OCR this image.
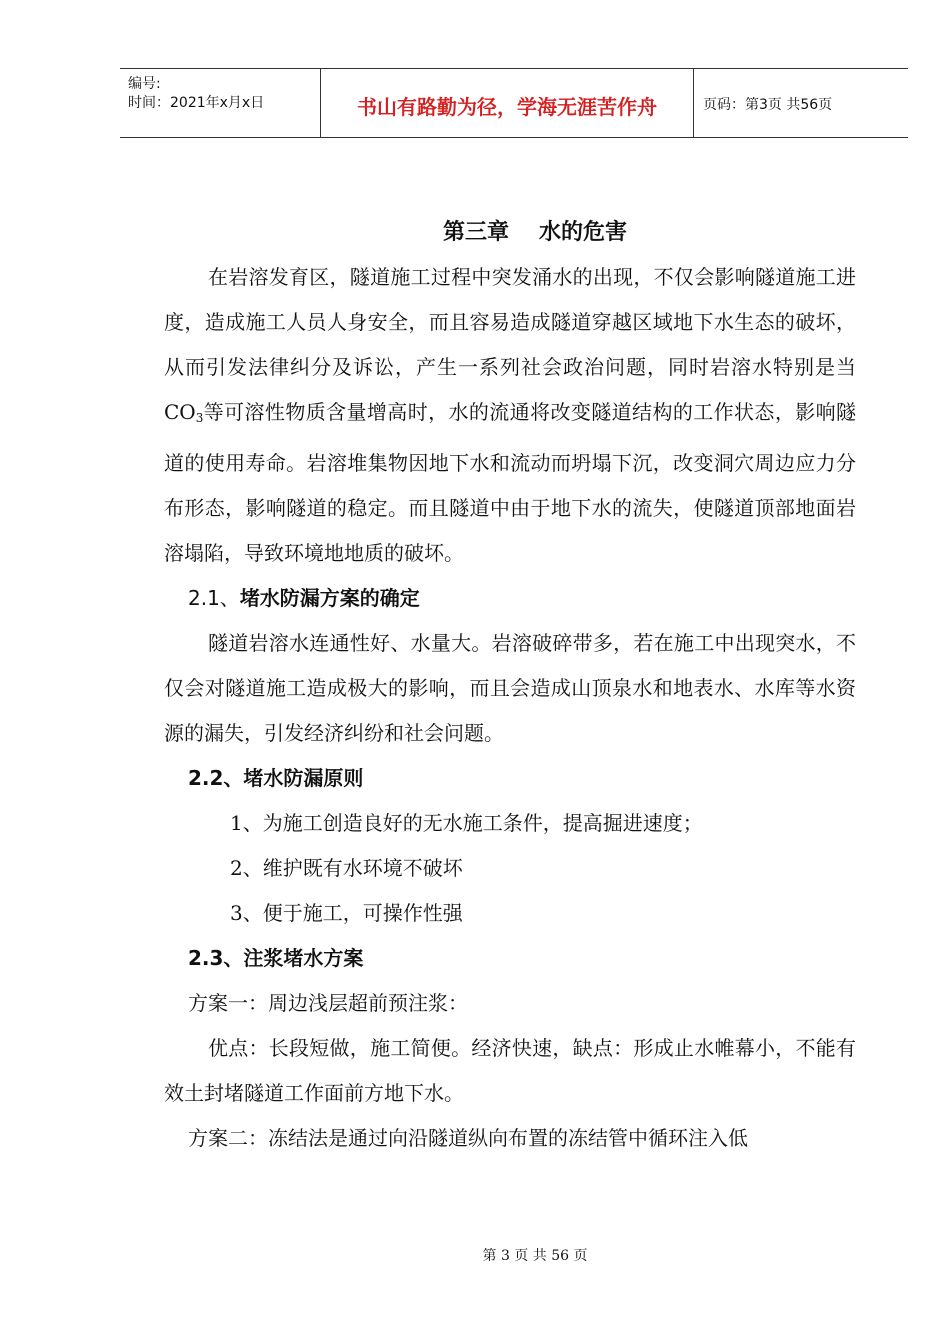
编号:
时间：2021年x月x日	书山有路勤为径，学海无涯苦作舟	页码：第3页 共56页
第三章 水的危害

在岩溶发育区，隧道施工过程中突发涌水的出现，不仅会影响隧道施工进度，造成施工人员人身安全，而且容易造成隧道穿越区域地下水生态的破坏，从而引发法律纠分及诉讼，产生一系列社会政治问题，同时岩溶水特别是当$CO_3$等可溶性物质含量增高时，水的流通将改变隧道结构的工作状态，影响隧道的使用寿命。岩溶堆集物因地下水和流动而坍塌下沉，改变洞穴周边应力分布形态，影响隧道的稳定。而且隧道中由于地下水的流失，使隧道顶部地面岩溶塌陷，导致环境地地质的破坏。

2.1、堵水防漏方案的确定

隧道岩溶水连通性好、水量大。岩溶破碎带多，若在施工中出现突水，不仅会对隧道施工造成极大的影响，而且会造成山顶泉水和地表水、水库等水资源的漏失，引发经济纠纷和社会问题。

2.2、堵水防漏原则

1、为施工创造良好的无水施工条件，提高掘进速度；

2、维护既有水环境不破坏

3、便于施工，可操作性强

2.3、注浆堵水方案

方案一：周边浅层超前预注浆：

优点：长段短做，施工简便。经济快速，缺点：形成止水帷幕小，不能有效土封堵隧道工作面前方地下水。

方案二：冻结法是通过向沿隧道纵向布置的冻结管中循环注入低

第 3 页 共 56 页
